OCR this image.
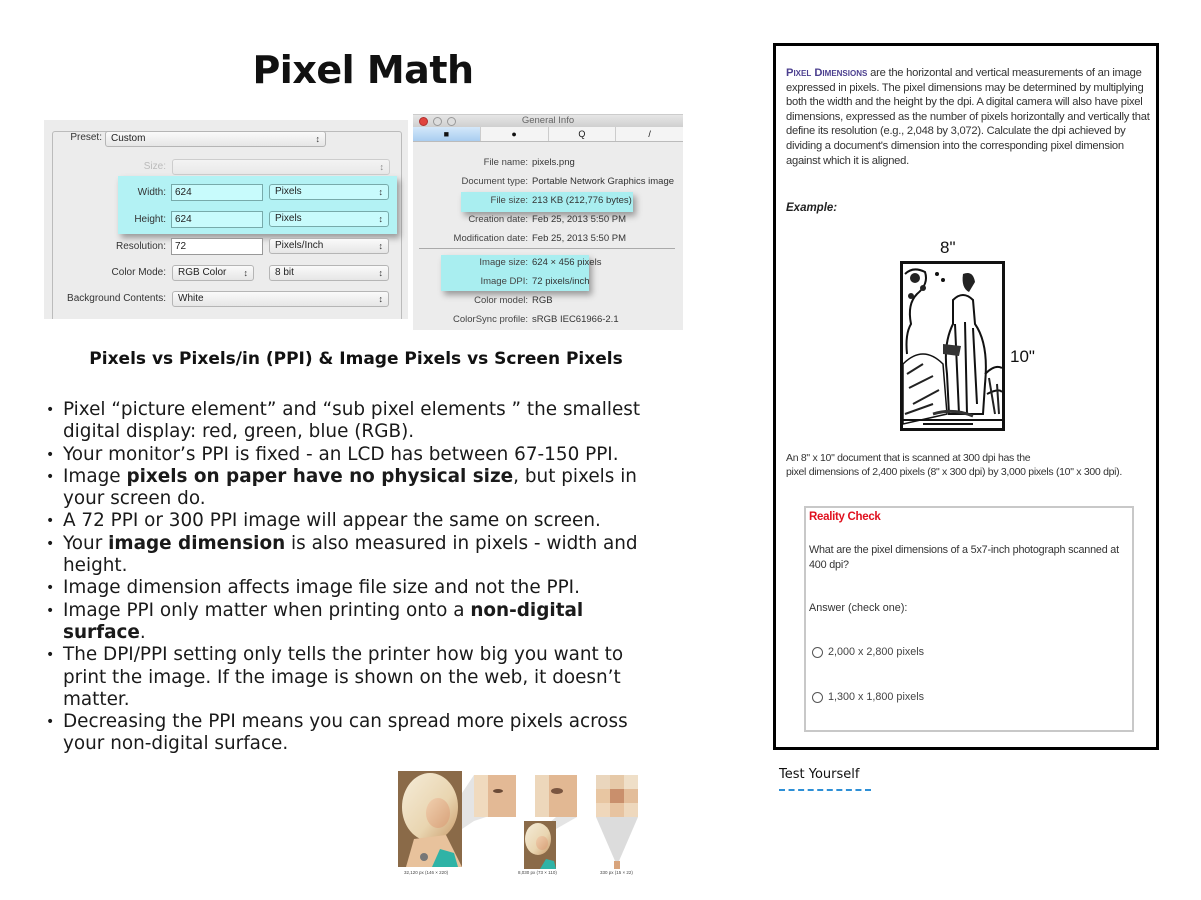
Pixel Math
Preset: Custom	↕
Size:	↕
Width: 624	Pixels	↕
Height: 624	Pixels	↕
Resolution: 72	Pixels/Inch	↕
Color Mode:	RGB Color ↕	8 bit	↕
Background Contents:	White	↕
General Info
■	●	Q	/
File name: pixels.png
Document type: Portable Network Graphics image
File size: 213 KB (212,776 bytes)
Creation date: Feb 25, 2013 5:50 PM
Modification date: Feb 25, 2013 5:50 PM
Image size: 624 × 456 pixels
Image DPI: 72 pixels/inch
Color model: RGB
ColorSync profile: sRGB IEC61966-2.1
Pixels vs Pixels/in (PPI) & Image Pixels vs Screen Pixels
• Pixel “picture element” and “sub pixel elements ” the smallest digital display: red, green, blue (RGB).
• Your monitor’s PPI is fixed - an LCD has between 67-150 PPI.
• Image pixels on paper have no physical size, but pixels in your screen do.
• A 72 PPI or 300 PPI image will appear the same on screen.
• Your image dimension is also measured in pixels - width and height.
• Image dimension affects image file size and not the PPI.
• Image PPI only matter when printing onto a non-digital surface.
• The DPI/PPI setting only tells the printer how big you want to print the image. If the image is shown on the web, it doesn’t matter.
• Decreasing the PPI means you can spread more pixels across your non-digital surface.
32,120 px (146 × 220)	8,030 px (73 × 110)	330 px (15 × 22)
Pixel Dimensions are the horizontal and vertical measurements of an image expressed in pixels. The pixel dimensions may be determined by multiplying both the width and the height by the dpi. A digital camera will also have pixel dimensions, expressed as the number of pixels horizontally and vertically that define its resolution (e.g., 2,048 by 3,072). Calculate the dpi achieved by dividing a document's dimension into the corresponding pixel dimension against which it is aligned.
Example:
8"
10"
An 8" x 10" document that is scanned at 300 dpi has the
pixel dimensions of 2,400 pixels (8" x 300 dpi) by 3,000 pixels (10" x 300 dpi).
Reality Check
What are the pixel dimensions of a 5x7-inch photograph scanned at 400 dpi?
Answer (check one):
2,000 x 2,800 pixels
1,300 x 1,800 pixels
Test Yourself
